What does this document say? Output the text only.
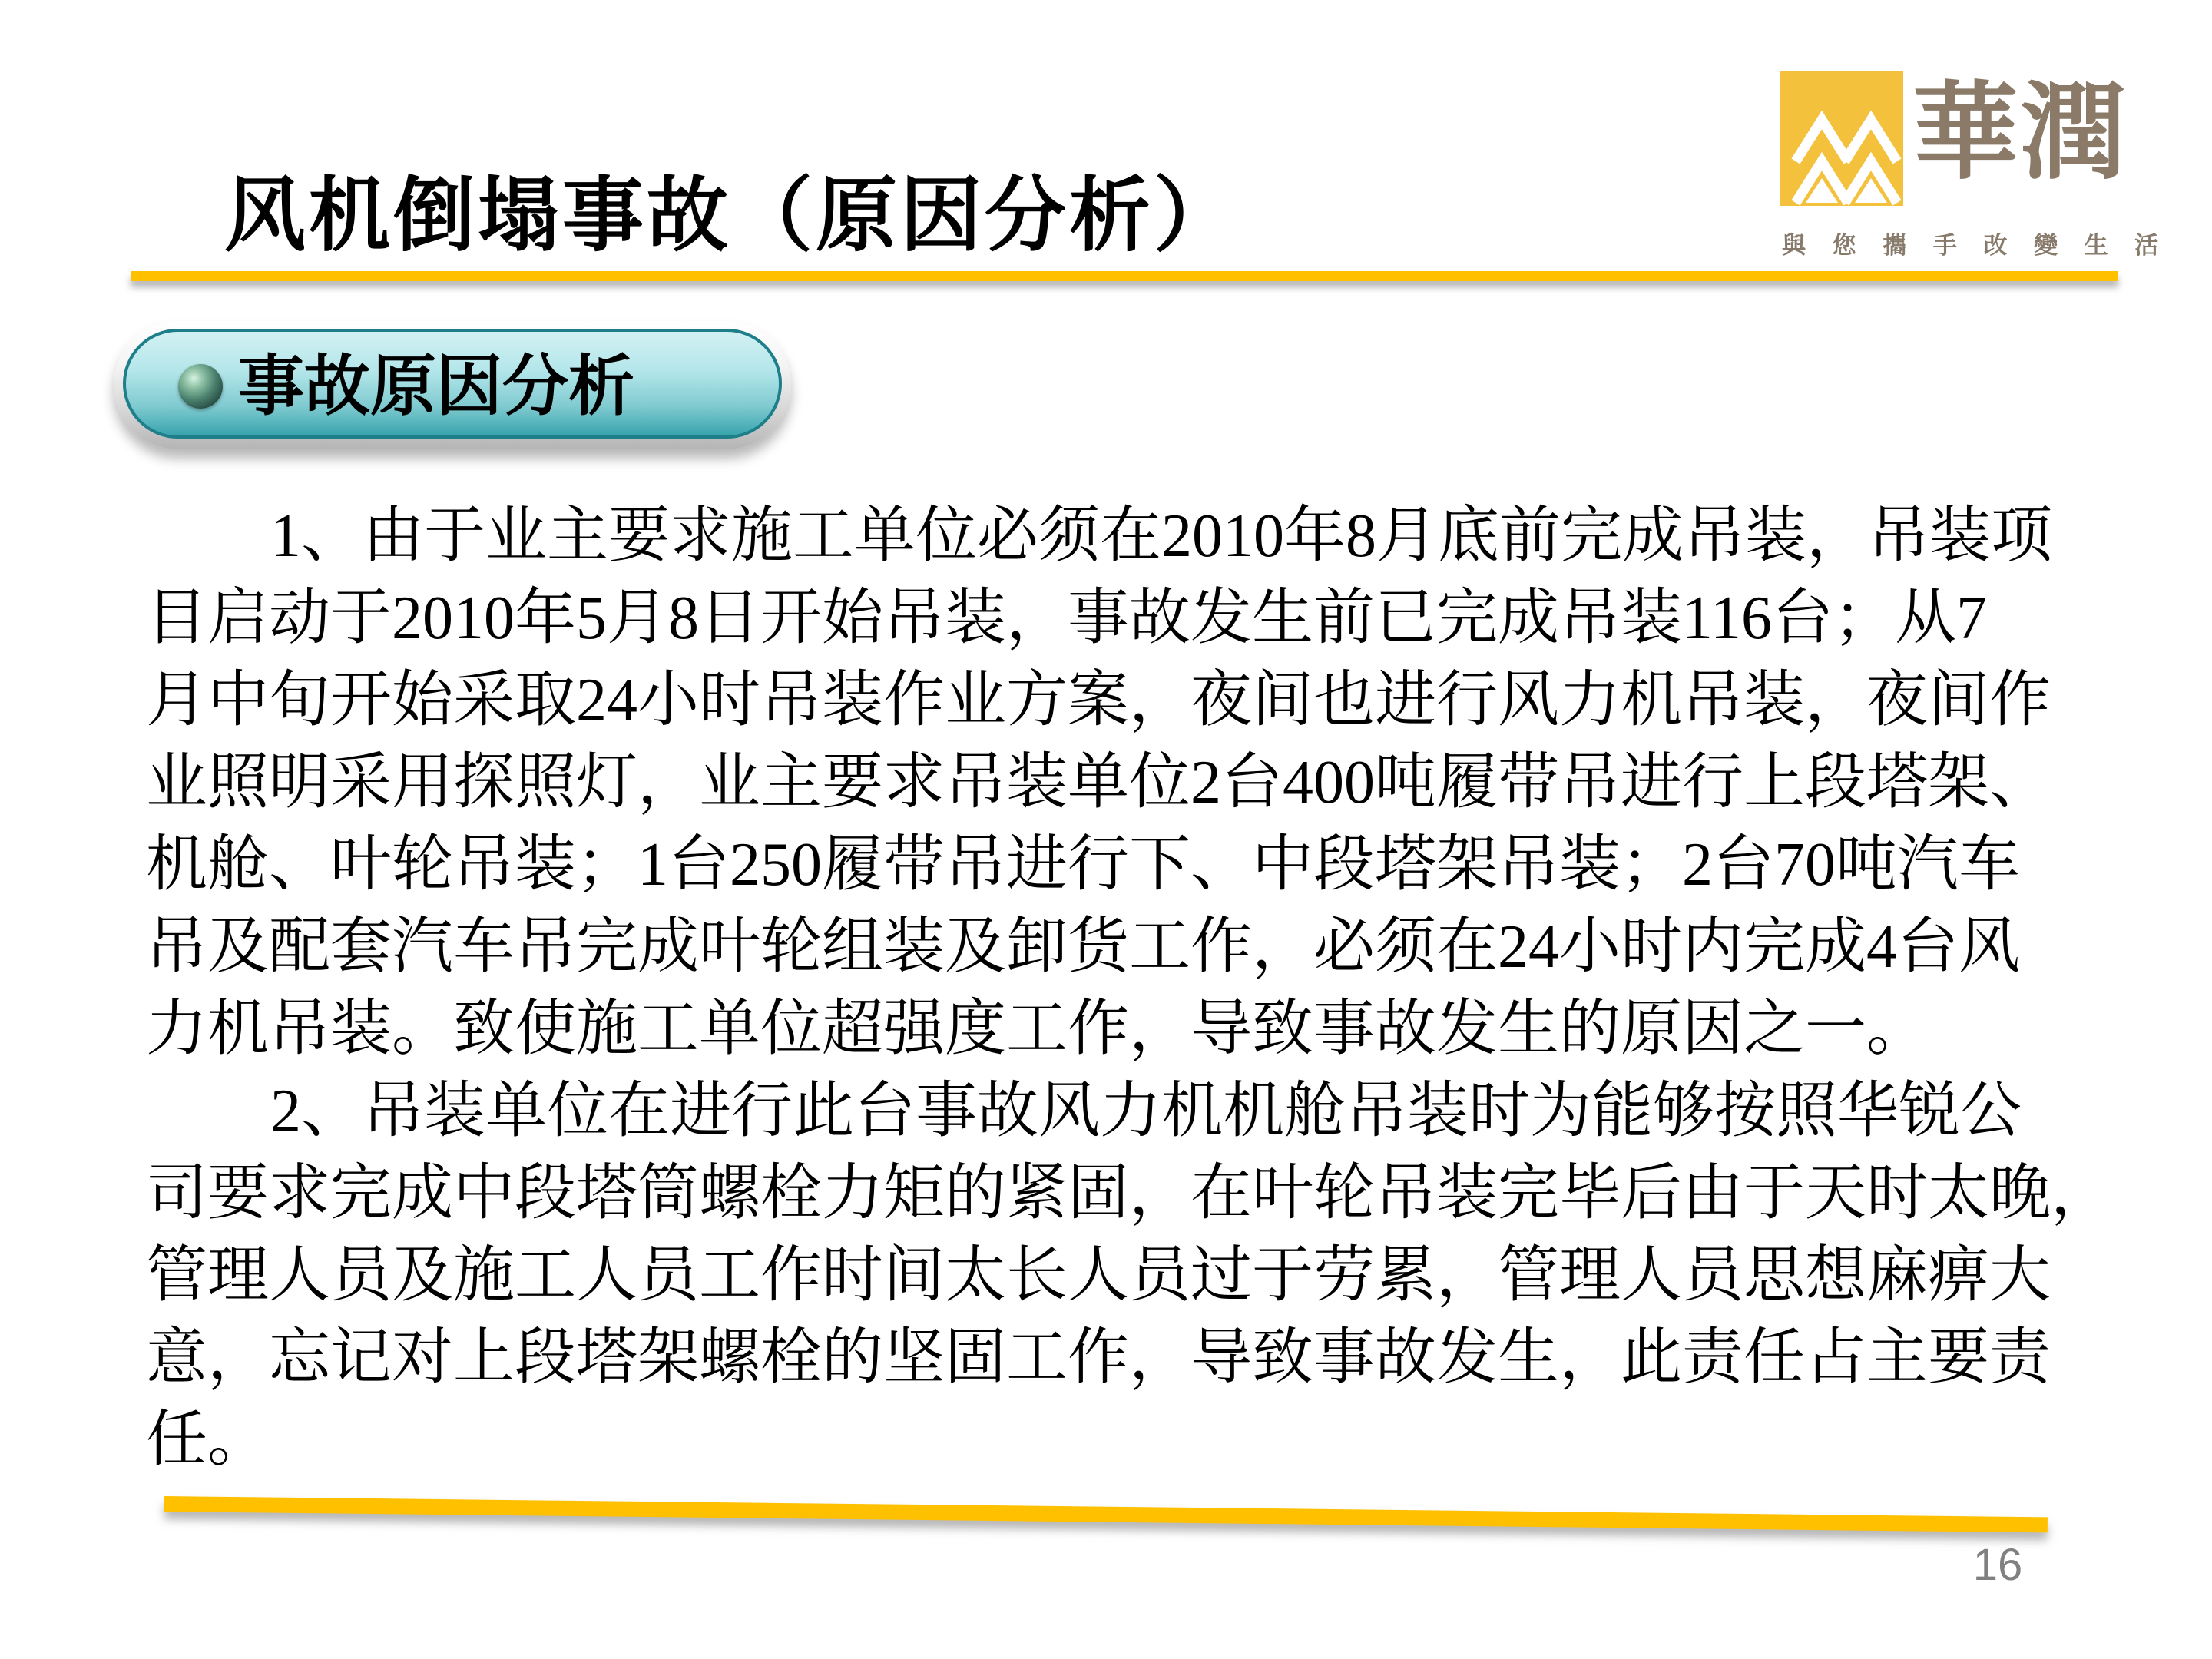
风机倒塌事故（原因分析）
華潤
與 您 攜 手 改 變 生 活
事故原因分析
1、由于业主要求施工单位必须在2010年8月底前完成吊装，吊装项
目启动于2010年5月8日开始吊装，事故发生前已完成吊装116台；从7
月中旬开始采取24小时吊装作业方案，夜间也进行风力机吊装，夜间作
业照明采用探照灯，业主要求吊装单位2台400吨履带吊进行上段塔架、
机舱、叶轮吊装；1台250履带吊进行下、中段塔架吊装；2台70吨汽车
吊及配套汽车吊完成叶轮组装及卸货工作，必须在24小时内完成4台风
力机吊装。致使施工单位超强度工作，导致事故发生的原因之一。
2、吊装单位在进行此台事故风力机机舱吊装时为能够按照华锐公
司要求完成中段塔筒螺栓力矩的紧固，在叶轮吊装完毕后由于天时太晚，
管理人员及施工人员工作时间太长人员过于劳累，管理人员思想麻痹大
意，忘记对上段塔架螺栓的坚固工作，导致事故发生，此责任占主要责
任。
16
